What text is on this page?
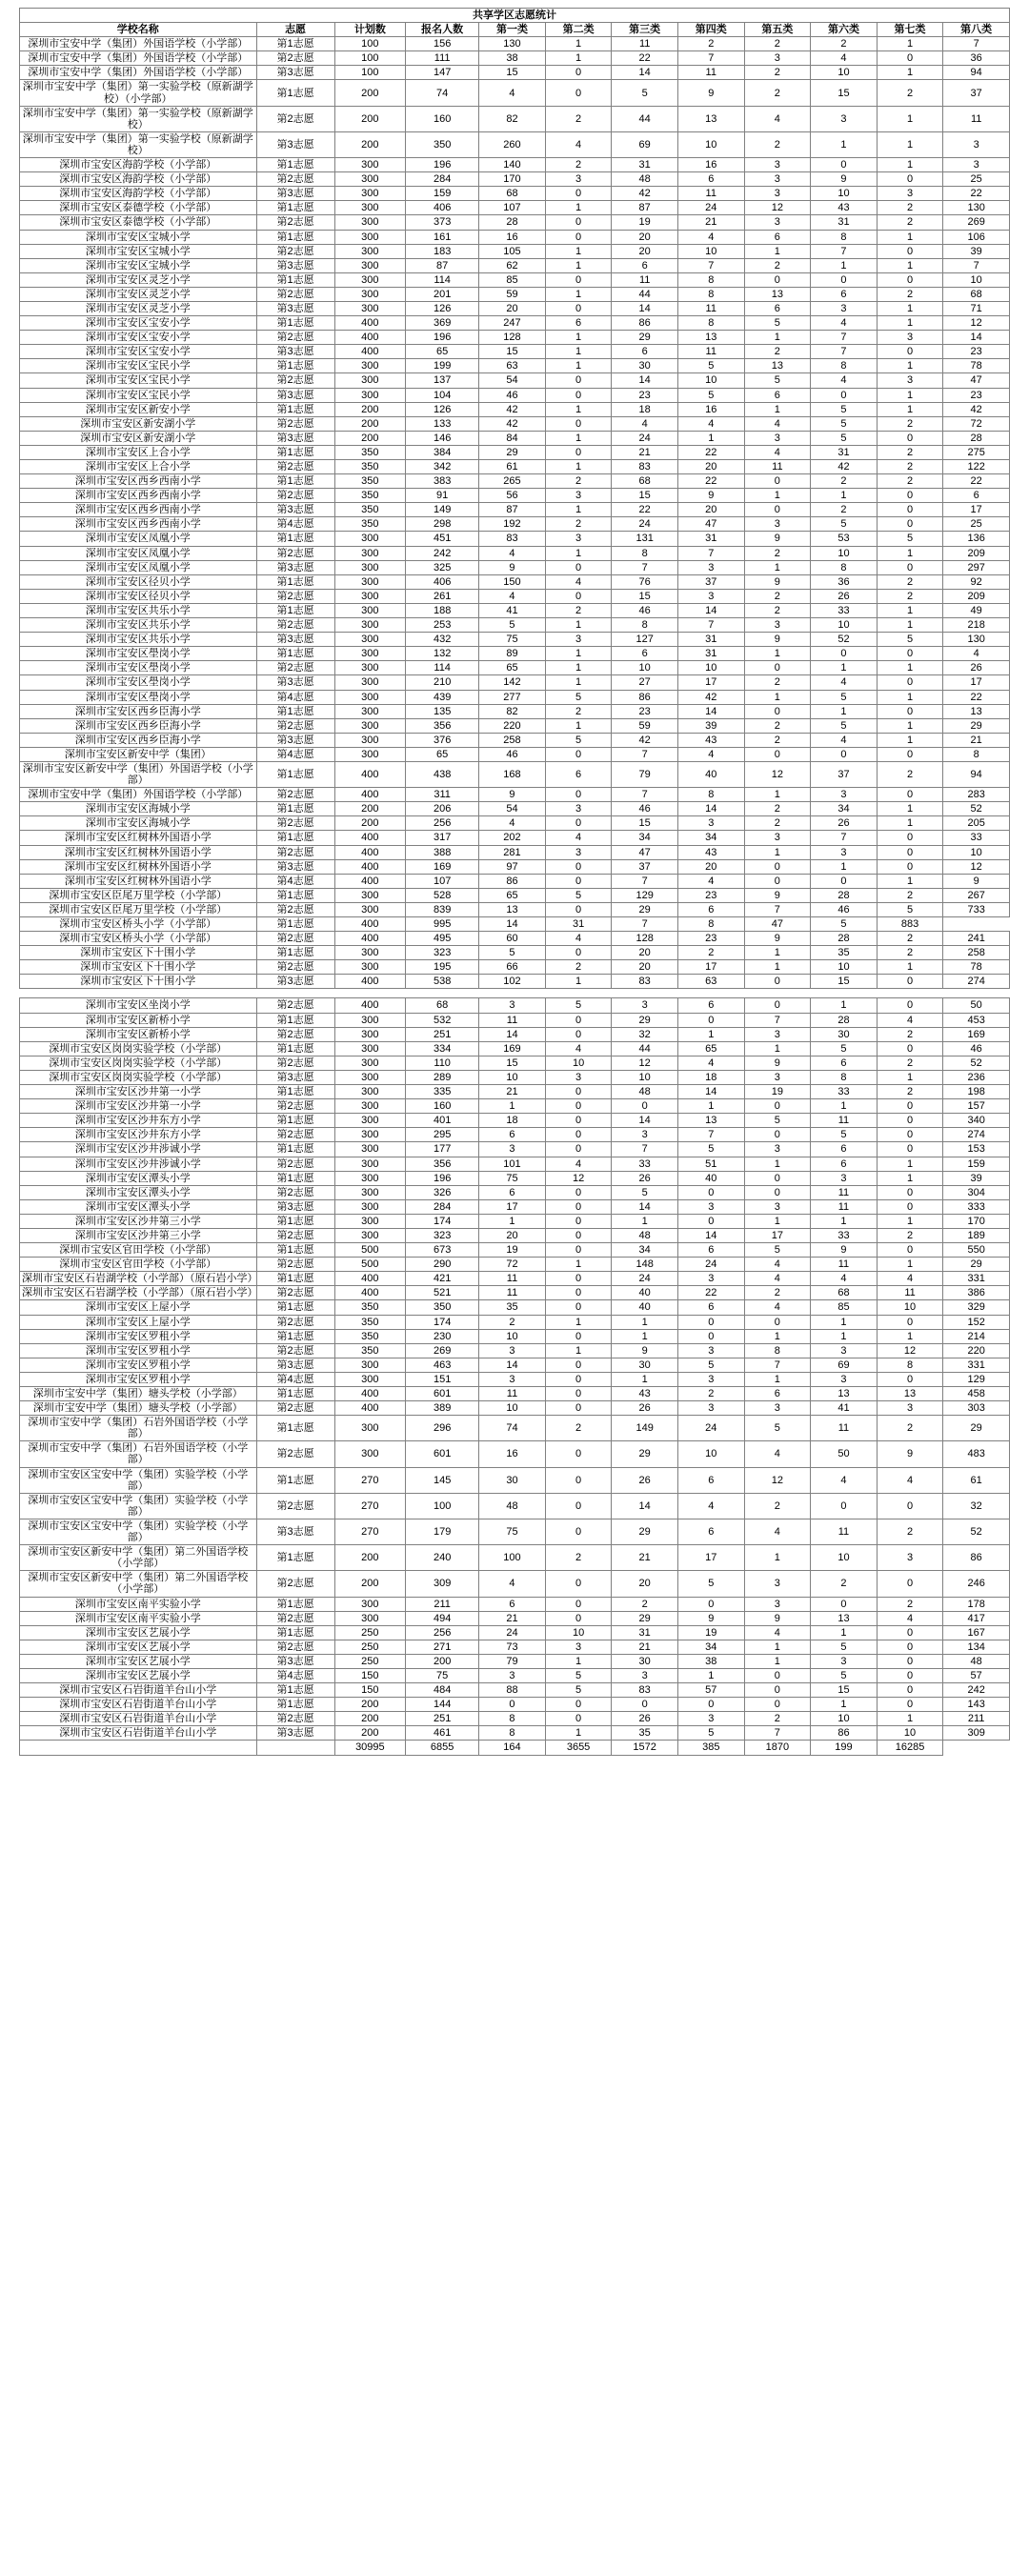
共享学区志愿统计											
学校名称	志愿	计划数	报名人数	第一类	第二类	第三类	第四类	第五类	第六类	第七类	第八类
深圳市宝安中学（集团）外国语学校（小学部）	第1志愿	100	156	130	1	11	2	2	2	1	7
深圳市宝安中学（集团）外国语学校（小学部）	第2志愿	100	111	38	1	22	7	3	4	0	36
深圳市宝安中学（集团）外国语学校（小学部）	第3志愿	100	147	15	0	14	11	2	10	1	94
深圳市宝安中学（集团）第一实验学校（原新湖学校）（小学部）	第1志愿	200	74	4	0	5	9	2	15	2	37
深圳市宝安中学（集团）第一实验学校（原新湖学校）	第2志愿	200	160	82	2	44	13	4	3	1	11
深圳市宝安中学（集团）第一实验学校（原新湖学校）	第3志愿	200	350	260	4	69	10	2	1	1	3
深圳市宝安区海韵学校（小学部）	第1志愿	300	196	140	2	31	16	3	0	1	3
深圳市宝安区海韵学校（小学部）	第2志愿	300	284	170	3	48	6	3	9	0	25
深圳市宝安区海韵学校（小学部）	第3志愿	300	159	68	0	42	11	3	10	3	22
深圳市宝安区泰德学校（小学部）	第1志愿	300	406	107	1	87	24	12	43	2	130
深圳市宝安区泰德学校（小学部）	第2志愿	300	373	28	0	19	21	3	31	2	269
深圳市宝安区宝城小学	第1志愿	300	161	16	0	20	4	6	8	1	106
深圳市宝安区宝城小学	第2志愿	300	183	105	1	20	10	1	7	0	39
深圳市宝安区宝城小学	第3志愿	300	87	62	1	6	7	2	1	1	7
深圳市宝安区灵芝小学	第1志愿	300	114	85	0	11	8	0	0	0	10
深圳市宝安区灵芝小学	第2志愿	300	201	59	1	44	8	13	6	2	68
深圳市宝安区灵芝小学	第3志愿	300	126	20	0	14	11	6	3	1	71
深圳市宝安区宝安小学	第1志愿	400	369	247	6	86	8	5	4	1	12
深圳市宝安区宝安小学	第2志愿	400	196	128	1	29	13	1	7	3	14
深圳市宝安区宝安小学	第3志愿	400	65	15	1	6	11	2	7	0	23
深圳市宝安区宝民小学	第1志愿	300	199	63	1	30	5	13	8	1	78
深圳市宝安区宝民小学	第2志愿	300	137	54	0	14	10	5	4	3	47
深圳市宝安区宝民小学	第3志愿	300	104	46	0	23	5	6	0	1	23
深圳市宝安区新安小学	第1志愿	200	126	42	1	18	16	1	5	1	42
深圳市宝安区新安湖小学	第2志愿	200	133	42	0	4	4	4	5	2	72
深圳市宝安区新安湖小学	第3志愿	200	146	84	1	24	1	3	5	0	28
深圳市宝安区上合小学	第1志愿	350	384	29	0	21	22	4	31	2	275
深圳市宝安区上合小学	第2志愿	350	342	61	1	83	20	11	42	2	122
深圳市宝安区西乡西南小学	第1志愿	350	383	265	2	68	22	0	2	2	22
深圳市宝安区西乡西南小学	第2志愿	350	91	56	3	15	9	1	1	0	6
深圳市宝安区西乡西南小学	第3志愿	350	149	87	1	22	20	0	2	0	17
深圳市宝安区西乡西南小学	第4志愿	350	298	192	2	24	47	3	5	0	25
深圳市宝安区凤凰小学	第1志愿	300	451	83	3	131	31	9	53	5	136
深圳市宝安区凤凰小学	第2志愿	300	242	4	1	8	7	2	10	1	209
深圳市宝安区凤凰小学	第3志愿	300	325	9	0	7	3	1	8	0	297
深圳市宝安区径贝小学	第1志愿	300	406	150	4	76	37	9	36	2	92
深圳市宝安区径贝小学	第2志愿	300	261	4	0	15	3	2	26	2	209
深圳市宝安区共乐小学	第1志愿	300	188	41	2	46	14	2	33	1	49
深圳市宝安区共乐小学	第2志愿	300	253	5	1	8	7	3	10	1	218
深圳市宝安区共乐小学	第3志愿	300	432	75	3	127	31	9	52	5	130
深圳市宝安区壆岗小学	第1志愿	300	132	89	1	6	31	1	0	0	4
深圳市宝安区壆岗小学	第2志愿	300	114	65	1	10	10	0	1	1	26
深圳市宝安区壆岗小学	第3志愿	300	210	142	1	27	17	2	4	0	17
深圳市宝安区壆岗小学	第4志愿	300	439	277	5	86	42	1	5	1	22
深圳市宝安区西乡臣海小学	第1志愿	300	135	82	2	23	14	0	1	0	13
深圳市宝安区西乡臣海小学	第2志愿	300	356	220	1	59	39	2	5	1	29
深圳市宝安区西乡臣海小学	第3志愿	300	376	258	5	42	43	2	4	1	21
深圳市宝安区新安中学（集团）	第4志愿	300	65	46	0	7	4	0	0	0	8
深圳市宝安区新安中学（集团）外国语学校（小学部）	第1志愿	400	438	168	6	79	40	12	37	2	94
深圳市宝安中学（集团）外国语学校（小学部）	第2志愿	400	311	9	0	7	8	1	3	0	283
深圳市宝安区海城小学	第1志愿	200	206	54	3	46	14	2	34	1	52
深圳市宝安区海城小学	第2志愿	200	256	4	0	15	3	2	26	1	205
深圳市宝安区红树林外国语小学	第1志愿	400	317	202	4	34	34	3	7	0	33
深圳市宝安区红树林外国语小学	第2志愿	400	388	281	3	47	43	1	3	0	10
深圳市宝安区红树林外国语小学	第3志愿	400	169	97	0	37	20	0	1	0	12
深圳市宝安区红树林外国语小学	第4志愿	400	107	86	0	7	4	0	0	1	9
深圳市宝安区臣尾万里学校（小学部）	第1志愿	300	528	65	5	129	23	9	28	2	267
深圳市宝安区臣尾万里学校（小学部）	第2志愿	300	839	13	0	29	6	7	46	5	733
深圳市宝安区桥头小学（小学部）	第1志愿	400	995	14	31	7	8	47	5	883	
深圳市宝安区桥头小学（小学部）	第2志愿	400	495	60	4	128	23	9	28	2	241
深圳市宝安区下十围小学	第1志愿	300	323	5	0	20	2	1	35	2	258
深圳市宝安区下十围小学	第2志愿	300	195	66	2	20	17	1	10	1	78
深圳市宝安区下十围小学	第3志愿	400	538	102	1	83	63	0	15	0	274

深圳市宝安区坐岗小学	第2志愿	400	68	3	5	3	6	0	1	0	50
深圳市宝安区新桥小学	第1志愿	300	532	11	0	29	0	7	28	4	453
深圳市宝安区新桥小学	第2志愿	300	251	14	0	32	1	3	30	2	169
深圳市宝安区岗岗实验学校（小学部）	第1志愿	300	334	169	4	44	65	1	5	0	46
深圳市宝安区岗岗实验学校（小学部）	第2志愿	300	110	15	10	12	4	9	6	2	52
深圳市宝安区岗岗实验学校（小学部）	第3志愿	300	289	10	3	10	18	3	8	1	236
深圳市宝安区沙井第一小学	第1志愿	300	335	21	0	48	14	19	33	2	198
深圳市宝安区沙井第一小学	第2志愿	300	160	1	0	0	1	0	1	0	157
深圳市宝安区沙井东方小学	第1志愿	300	401	18	0	14	13	5	11	0	340
深圳市宝安区沙井东方小学	第2志愿	300	295	6	0	3	7	0	5	0	274
深圳市宝安区沙井涉诚小学	第1志愿	300	177	3	0	7	5	3	6	0	153
深圳市宝安区沙井涉诚小学	第2志愿	300	356	101	4	33	51	1	6	1	159
深圳市宝安区潭头小学	第1志愿	300	196	75	12	26	40	0	3	1	39
深圳市宝安区潭头小学	第2志愿	300	326	6	0	5	0	0	11	0	304
深圳市宝安区潭头小学	第3志愿	300	284	17	0	14	3	3	11	0	333
深圳市宝安区沙井第三小学	第1志愿	300	174	1	0	1	0	1	1	1	170
深圳市宝安区沙井第三小学	第2志愿	300	323	20	0	48	14	17	33	2	189
深圳市宝安区官田学校（小学部）	第1志愿	500	673	19	0	34	6	5	9	0	550
深圳市宝安区官田学校（小学部）	第2志愿	500	290	72	1	148	24	4	11	1	29
深圳市宝安区石岩湖学校（小学部）（原石岩小学）	第1志愿	400	421	11	0	24	3	4	4	4	331
深圳市宝安区石岩湖学校（小学部）（原石岩小学）	第2志愿	400	521	11	0	40	22	2	68	11	386
深圳市宝安区上屋小学	第1志愿	350	350	35	0	40	6	4	85	10	329
深圳市宝安区上屋小学	第2志愿	350	174	2	1	1	0	0	1	0	152
深圳市宝安区罗租小学	第1志愿	350	230	10	0	1	0	1	1	1	214
深圳市宝安区罗租小学	第2志愿	350	269	3	1	9	3	8	3	12	220
深圳市宝安区罗租小学	第3志愿	300	463	14	0	30	5	7	69	8	331
深圳市宝安区罗租小学	第4志愿	300	151	3	0	1	3	1	3	0	129
深圳市宝安中学（集团）塘头学校（小学部）	第1志愿	400	601	11	0	43	2	6	13	13	458
深圳市宝安中学（集团）塘头学校（小学部）	第2志愿	400	389	10	0	26	3	3	41	3	303
深圳市宝安中学（集团）石岩外国语学校（小学部）	第1志愿	300	296	74	2	149	24	5	11	2	29
深圳市宝安中学（集团）石岩外国语学校（小学部）	第2志愿	300	601	16	0	29	10	4	50	9	483
深圳市宝安区宝安中学（集团）实验学校（小学部）	第1志愿	270	145	30	0	26	6	12	4	4	61
深圳市宝安区宝安中学（集团）实验学校（小学部）	第2志愿	270	100	48	0	14	4	2	0	0	32
深圳市宝安区宝安中学（集团）实验学校（小学部）	第3志愿	270	179	75	0	29	6	4	11	2	52
深圳市宝安区新安中学（集团）第二外国语学校（小学部）	第1志愿	200	240	100	2	21	17	1	10	3	86
深圳市宝安区新安中学（集团）第二外国语学校（小学部）	第2志愿	200	309	4	0	20	5	3	2	0	246
深圳市宝安区南平实验小学	第1志愿	300	211	6	0	2	0	3	0	2	178
深圳市宝安区南平实验小学	第2志愿	300	494	21	0	29	9	9	13	4	417
深圳市宝安区艺展小学	第1志愿	250	256	24	10	31	19	4	1	0	167
深圳市宝安区艺展小学	第2志愿	250	271	73	3	21	34	1	5	0	134
深圳市宝安区艺展小学	第3志愿	250	200	79	1	30	38	1	3	0	48
深圳市宝安区艺展小学	第4志愿	150	75	3	5	3	1	0	5	0	57
深圳市宝安区石岩街道羊台山小学	第1志愿	150	484	88	5	83	57	0	15	0	242
深圳市宝安区石岩街道羊台山小学	第1志愿	200	144	0	0	0	0	0	1	0	143
深圳市宝安区石岩街道羊台山小学	第2志愿	200	251	8	0	26	3	2	10	1	211
深圳市宝安区石岩街道羊台山小学	第3志愿	200	461	8	1	35	5	7	86	10	309
		30995	6855	164	3655	1572	385	1870	199	16285	
